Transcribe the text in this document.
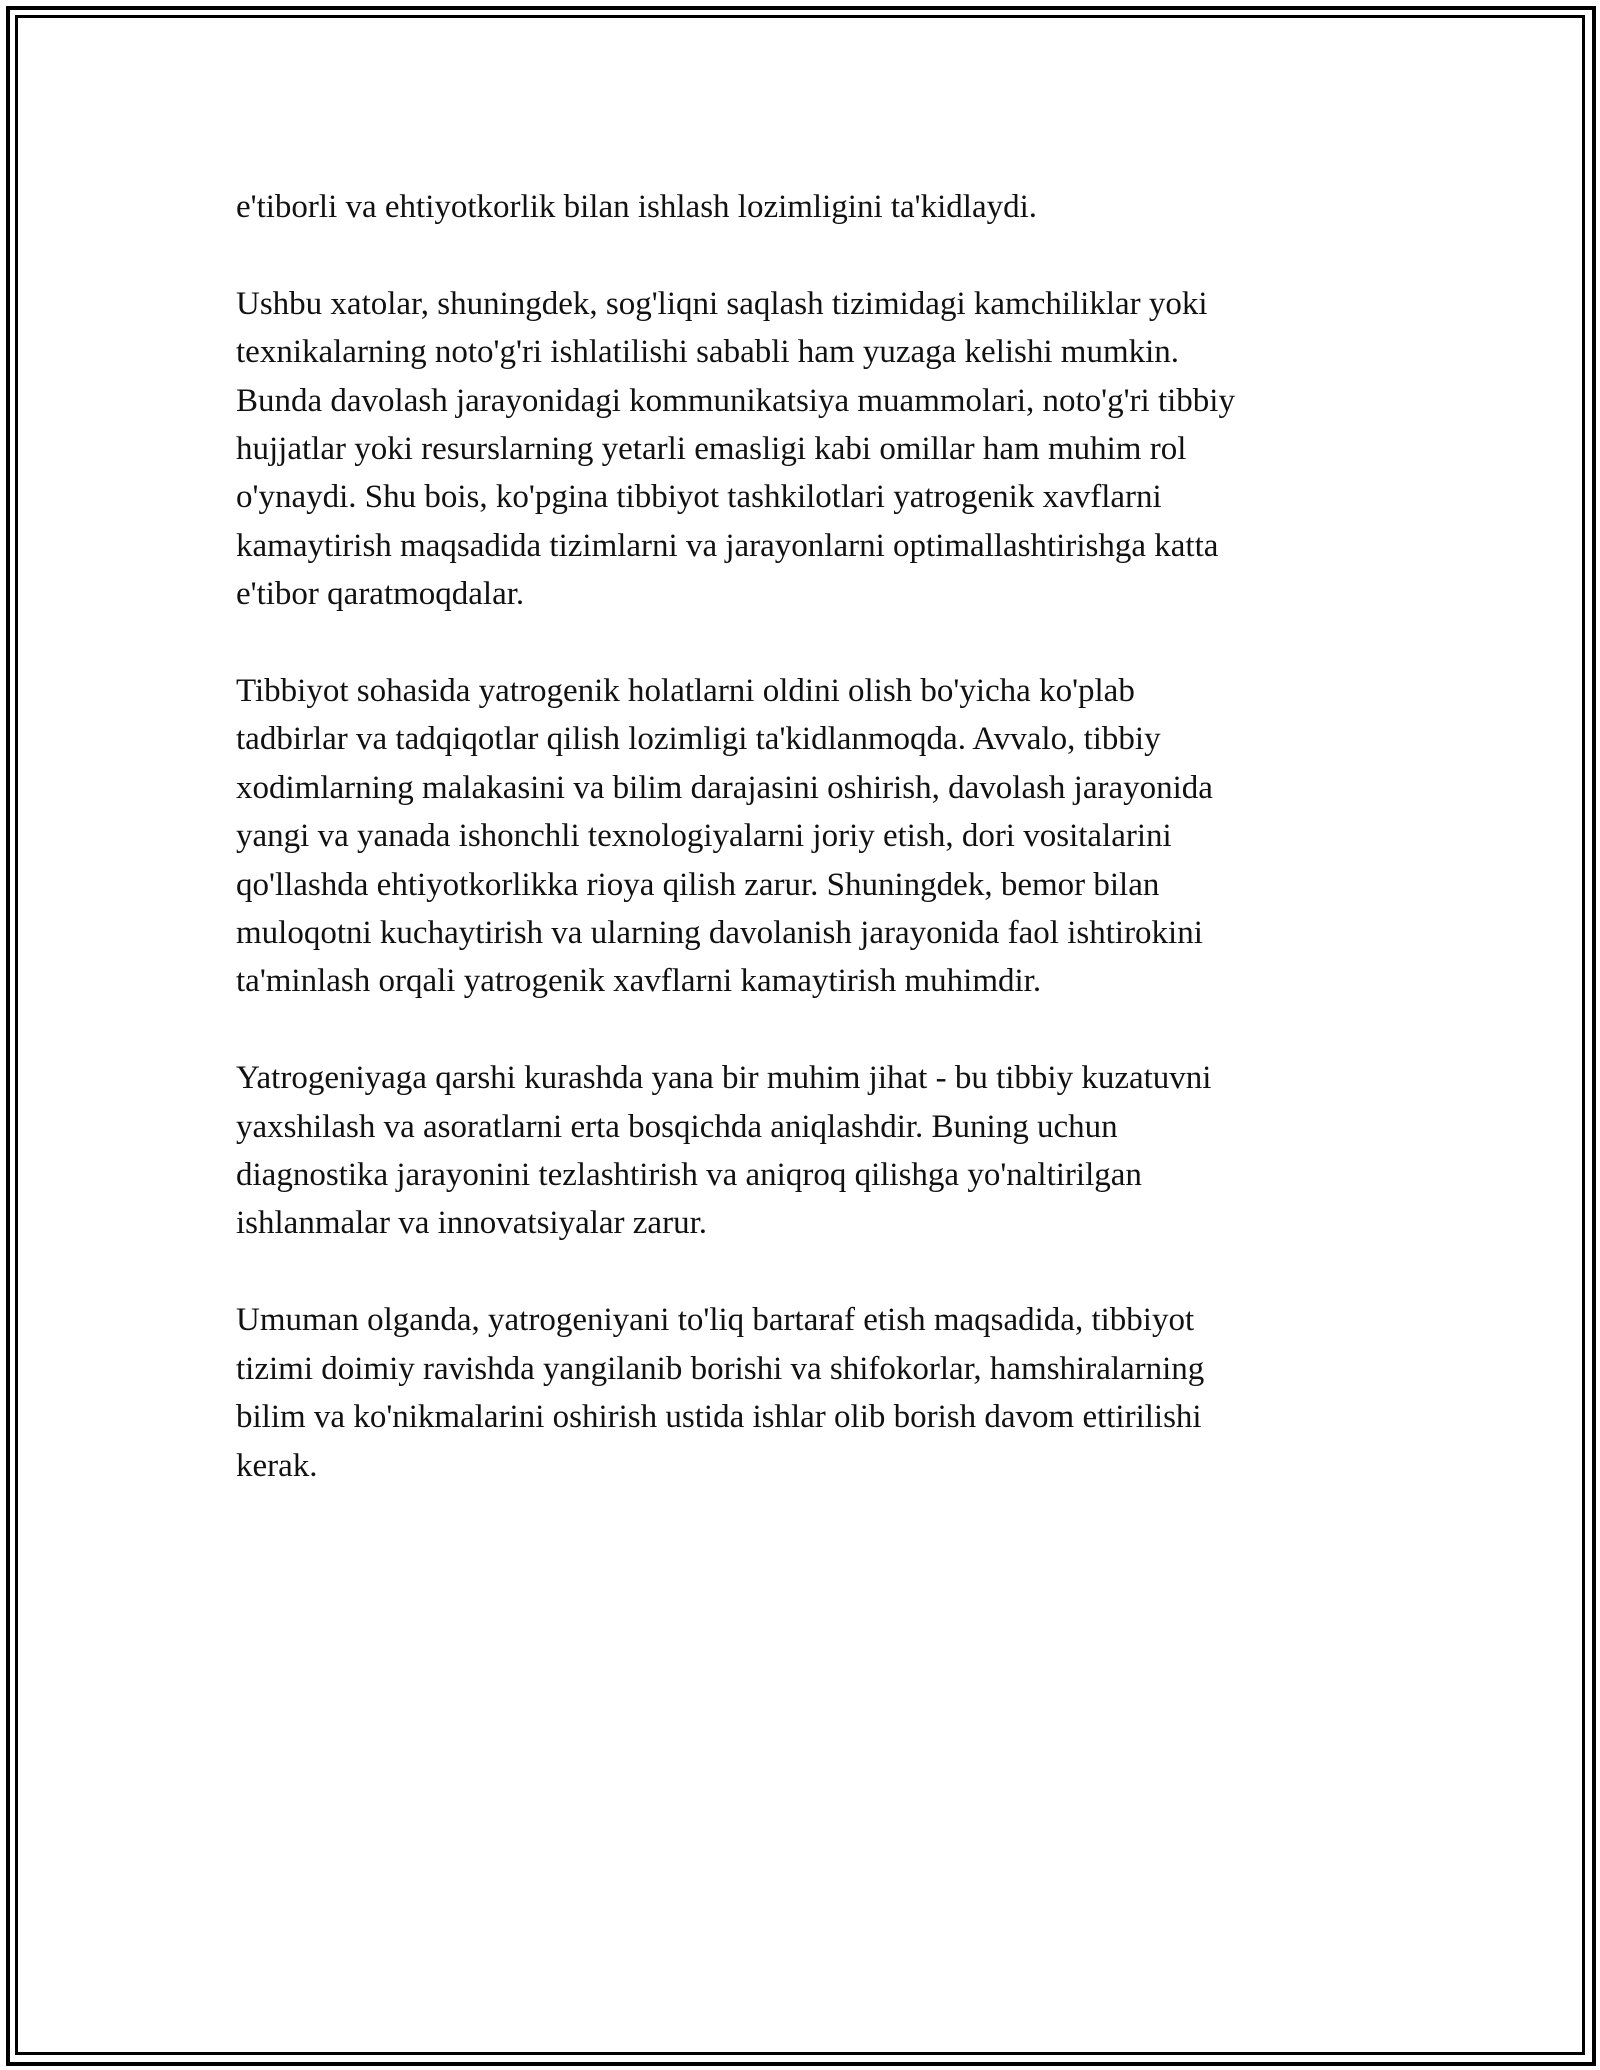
e'tiborli va ehtiyotkorlik bilan ishlash lozimligini ta'kidlaydi.

Ushbu xatolar, shuningdek, sog'liqni saqlash tizimidagi kamchiliklar yoki
texnikalarning noto'g'ri ishlatilishi sababli ham yuzaga kelishi mumkin.
Bunda davolash jarayonidagi kommunikatsiya muammolari, noto'g'ri tibbiy
hujjatlar yoki resurslarning yetarli emasligi kabi omillar ham muhim rol
o'ynaydi. Shu bois, ko'pgina tibbiyot tashkilotlari yatrogenik xavflarni
kamaytirish maqsadida tizimlarni va jarayonlarni optimallashtirishga katta
e'tibor qaratmoqdalar.

Tibbiyot sohasida yatrogenik holatlarni oldini olish bo'yicha ko'plab
tadbirlar va tadqiqotlar qilish lozimligi ta'kidlanmoqda. Avvalo, tibbiy
xodimlarning malakasini va bilim darajasini oshirish, davolash jarayonida
yangi va yanada ishonchli texnologiyalarni joriy etish, dori vositalarini
qo'llashda ehtiyotkorlikka rioya qilish zarur. Shuningdek, bemor bilan
muloqotni kuchaytirish va ularning davolanish jarayonida faol ishtirokini
ta'minlash orqali yatrogenik xavflarni kamaytirish muhimdir.

Yatrogeniyaga qarshi kurashda yana bir muhim jihat - bu tibbiy kuzatuvni
yaxshilash va asoratlarni erta bosqichda aniqlashdir. Buning uchun
diagnostika jarayonini tezlashtirish va aniqroq qilishga yo'naltirilgan
ishlanmalar va innovatsiyalar zarur.

Umuman olganda, yatrogeniyani to'liq bartaraf etish maqsadida, tibbiyot
tizimi doimiy ravishda yangilanib borishi va shifokorlar, hamshiralarning
bilim va ko'nikmalarini oshirish ustida ishlar olib borish davom ettirilishi
kerak.
